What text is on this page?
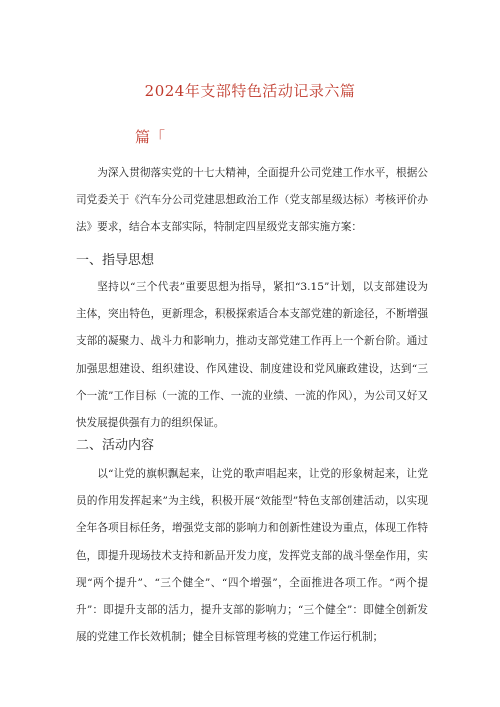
2024年支部特色活动记录六篇
篇「

为深入贯彻落实党的十七大精神，全面提升公司党建工作水平，根据公司党委关于《汽车分公司党建思想政治工作（党支部星级达标）考核评价办法》要求，结合本支部实际，特制定四星级党支部实施方案：

一、指导思想

坚持以“三个代表”重要思想为指导，紧扣“3.15”计划，以支部建设为主体，突出特色，更新理念，积极探索适合本支部党建的新途径，不断增强支部的凝聚力、战斗力和影响力，推动支部党建工作再上一个新台阶。通过加强思想建设、组织建设、作风建设、制度建设和党风廉政建设，达到“三个一流”工作目标（一流的工作、一流的业绩、一流的作风），为公司又好又快发展提供强有力的组织保证。

二、活动内容

以“让党的旗帜飘起来，让党的歌声唱起来，让党的形象树起来，让党员的作用发挥起来”为主线，积极开展“效能型”特色支部创建活动，以实现全年各项目标任务，增强党支部的影响力和创新性建设为重点，体现工作特色，即提升现场技术支持和新品开发力度，发挥党支部的战斗堡垒作用，实现“两个提升”、“三个健全”、“四个增强”，全面推进各项工作。“两个提升”：即提升支部的活力，提升支部的影响力；“三个健全”：即健全创新发展的党建工作长效机制；健全目标管理考核的党建工作运行机制；
